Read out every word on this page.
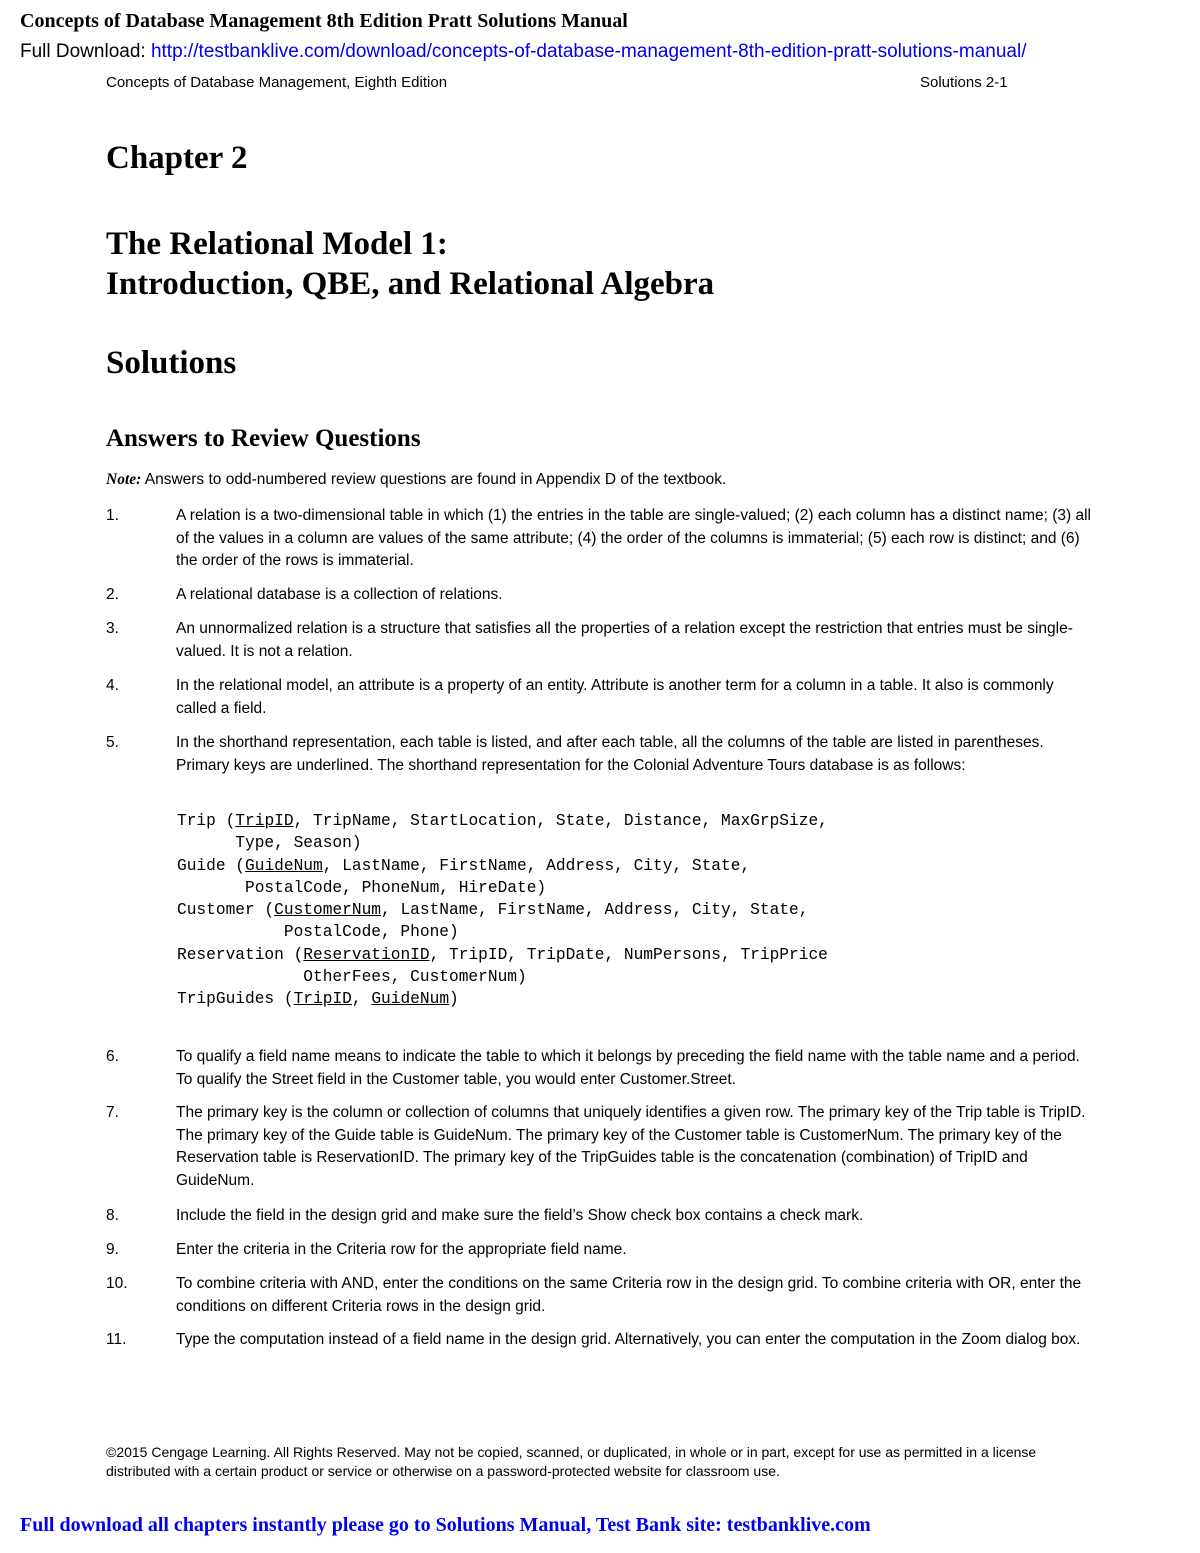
Concepts of Database Management 8th Edition Pratt Solutions Manual
Full Download: http://testbanklive.com/download/concepts-of-database-management-8th-edition-pratt-solutions-manual/
Concepts of Database Management, Eighth Edition	Solutions 2-1
Chapter 2
The Relational Model 1:
Introduction, QBE, and Relational Algebra
Solutions
Answers to Review Questions
Note: Answers to odd-numbered review questions are found in Appendix D of the textbook.
1.	A relation is a two-dimensional table in which (1) the entries in the table are single-valued; (2) each column has a distinct name; (3) all of the values in a column are values of the same attribute; (4) the order of the columns is immaterial; (5) each row is distinct; and (6) the order of the rows is immaterial.
2.	A relational database is a collection of relations.
3.	An unnormalized relation is a structure that satisfies all the properties of a relation except the restriction that entries must be single-valued. It is not a relation.
4.	In the relational model, an attribute is a property of an entity. Attribute is another term for a column in a table. It also is commonly called a field.
5.	In the shorthand representation, each table is listed, and after each table, all the columns of the table are listed in parentheses. Primary keys are underlined. The shorthand representation for the Colonial Adventure Tours database is as follows:
Trip (TripID, TripName, StartLocation, State, Distance, MaxGrpSize,
Type, Season)
Guide (GuideNum, LastName, FirstName, Address, City, State,
PostalCode, PhoneNum, HireDate)
Customer (CustomerNum, LastName, FirstName, Address, City, State,
PostalCode, Phone)
Reservation (ReservationID, TripID, TripDate, NumPersons, TripPrice
OtherFees, CustomerNum)
TripGuides (TripID, GuideNum)
6.	To qualify a field name means to indicate the table to which it belongs by preceding the field name with the table name and a period. To qualify the Street field in the Customer table, you would enter Customer.Street.
7.	The primary key is the column or collection of columns that uniquely identifies a given row. The primary key of the Trip table is TripID. The primary key of the Guide table is GuideNum. The primary key of the Customer table is CustomerNum. The primary key of the Reservation table is ReservationID. The primary key of the TripGuides table is the concatenation (combination) of TripID and GuideNum.
8.	Include the field in the design grid and make sure the field’s Show check box contains a check mark.
9.	Enter the criteria in the Criteria row for the appropriate field name.
10.	To combine criteria with AND, enter the conditions on the same Criteria row in the design grid. To combine criteria with OR, enter the conditions on different Criteria rows in the design grid.
11.	Type the computation instead of a field name in the design grid. Alternatively, you can enter the computation in the Zoom dialog box.
©2015 Cengage Learning. All Rights Reserved. May not be copied, scanned, or duplicated, in whole or in part, except for use as permitted in a license distributed with a certain product or service or otherwise on a password-protected website for classroom use.
Full download all chapters instantly please go to Solutions Manual, Test Bank site: testbanklive.com
